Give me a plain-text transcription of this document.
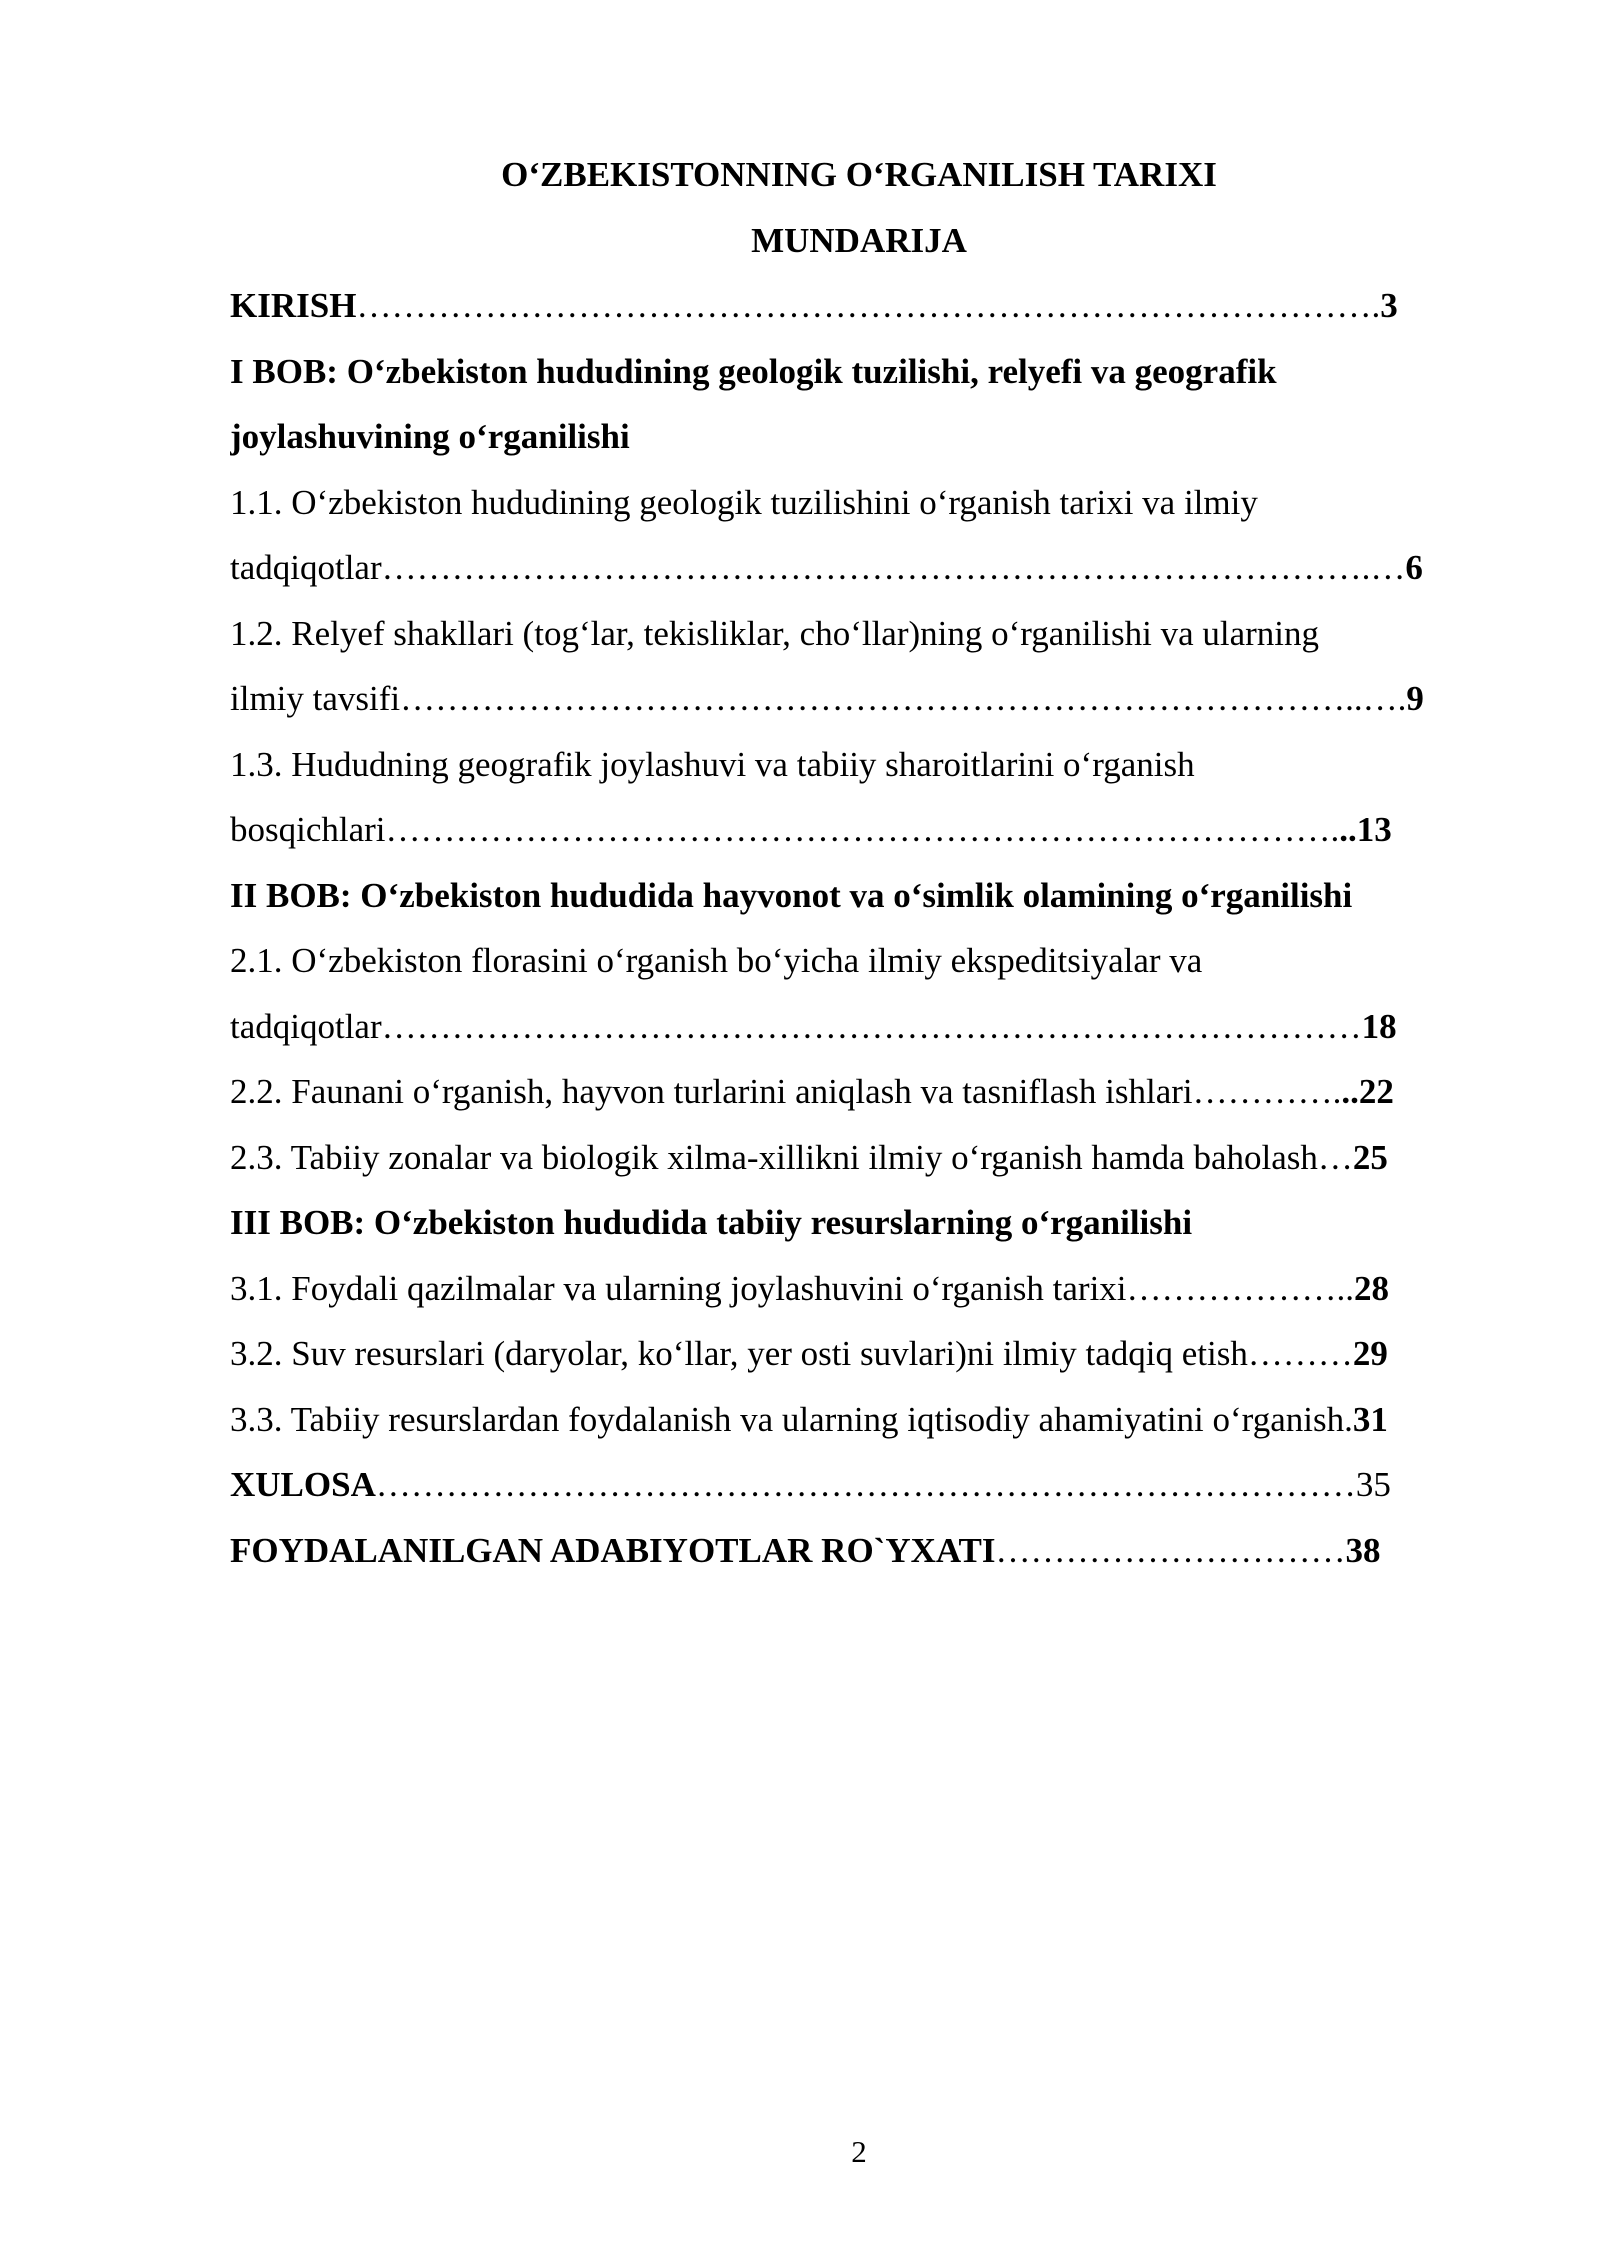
O‘ZBEKISTONNING O‘RGANILISH TARIXI
MUNDARIJA
KIRISH…………………………………………………………………………….3
I BOB: O‘zbekiston hududining geologik tuzilishi, relyefi va geografik
joylashuvining o‘rganilishi
1.1. O‘zbekiston hududining geologik tuzilishini o‘rganish tarixi va ilmiy
tadqiqotlar………………………………………………………………………….…6
1.2. Relyef shakllari (tog‘lar, tekisliklar, cho‘llar)ning o‘rganilishi va ularning
ilmiy tavsifi………………………………………………………………………..….9
1.3. Hududning geografik joylashuvi va tabiiy sharoitlarini o‘rganish
bosqichlari………………………………………………………………………...13
II BOB: O‘zbekiston hududida hayvonot va o‘simlik olamining o‘rganilishi
2.1. O‘zbekiston florasini o‘rganish bo‘yicha ilmiy ekspeditsiyalar va
tadqiqotlar…………………………………………………………………………18
2.2. Faunani o‘rganish, hayvon turlarini aniqlash va tasniflash ishlari…………...22
2.3. Tabiiy zonalar va biologik xilma-xillikni ilmiy o‘rganish hamda baholash…25
III BOB: O‘zbekiston hududida tabiiy resurslarning o‘rganilishi
3.1. Foydali qazilmalar va ularning joylashuvini o‘rganish tarixi………………..28
3.2. Suv resurslari (daryolar, ko‘llar, yer osti suvlari)ni ilmiy tadqiq etish………29
3.3. Tabiiy resurslardan foydalanish va ularning iqtisodiy ahamiyatini o‘rganish.31
XULOSA…………………………………………………………………………35
FOYDALANILGAN ADABIYOTLAR RO`YXATI…………………………38
2
